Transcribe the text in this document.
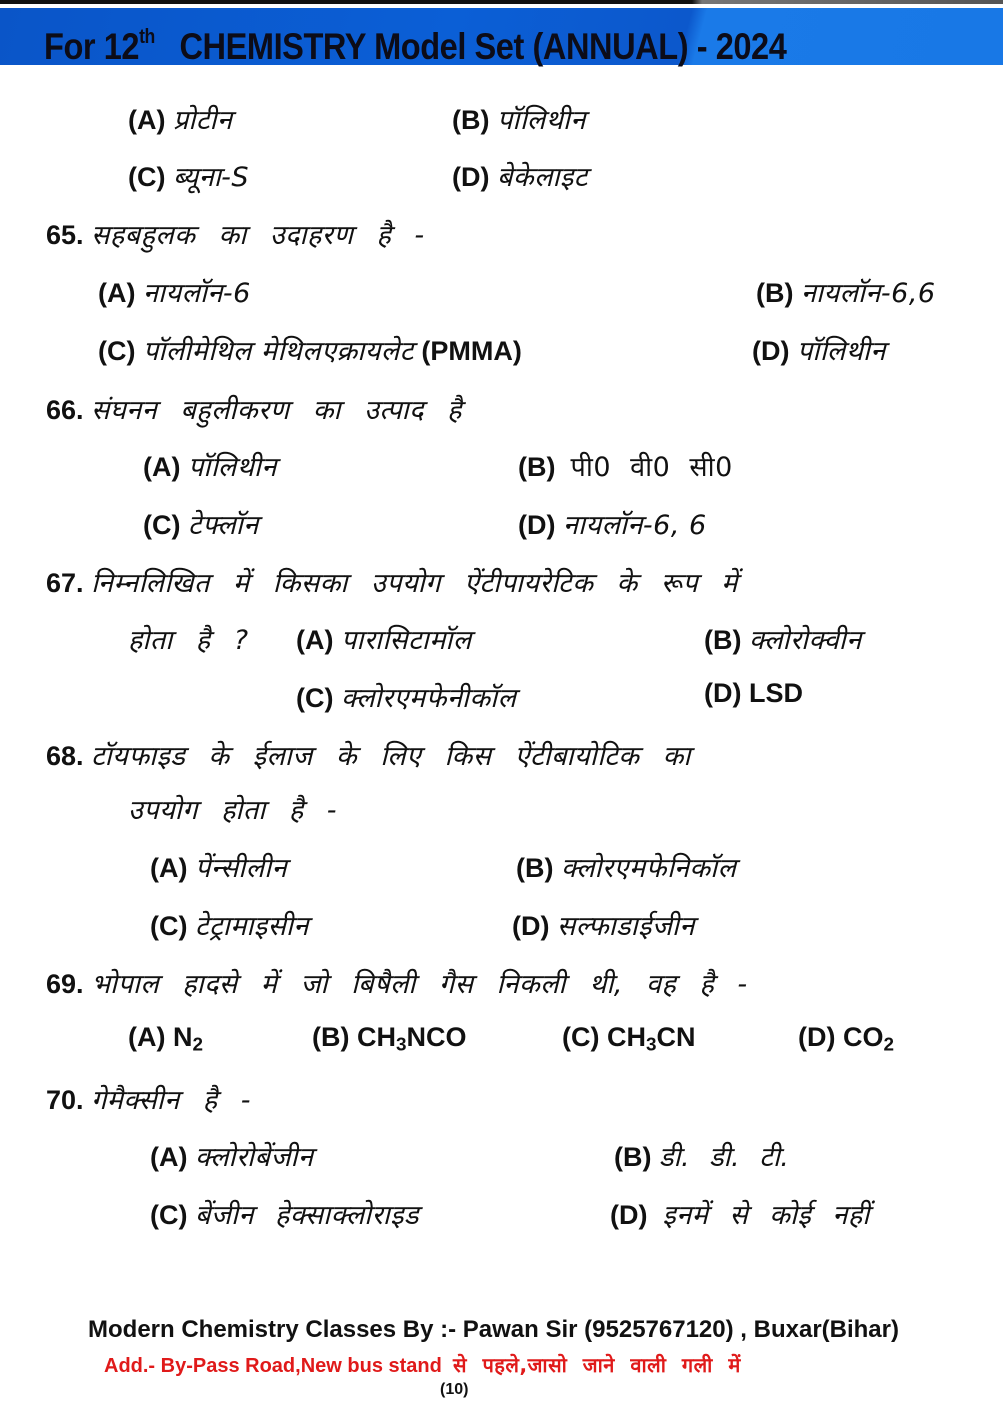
For 12th CHEMISTRY Model Set (ANNUAL) - 2024
(A) प्रोटीन	(B) पॉलिथीन
(C) ब्यूना-S	(D) बेकेलाइट
65. सहबहुलक का उदाहरण है -
(A) नायलॉन-6	(B) नायलॉन-6,6
(C) पॉलीमेथिल मेथिलएक्रायलेट (PMMA)	(D) पॉलिथीन
66. संघनन बहुलीकरण का उत्पाद है
(A) पॉलिथीन	(B) पी0 वी0 सी0
(C) टेफ्लॉन	(D) नायलॉन-6, 6
67. निम्नलिखित में किसका उपयोग ऐंटीपायरेटिक के रूप में
होता है ? (A) पारासिटामॉल	(B) क्लोरोक्वीन
(C) क्लोरएमफेनीकॉल	(D) LSD
68. टॉयफाइड के ईलाज के लिए किस ऐंटीबायोटिक का
उपयोग होता है -
(A) पेंन्सीलीन	(B) क्लोरएमफेनिकॉल
(C) टेट्रामाइसीन	(D) सल्फाडाईजीन
69. भोपाल हादसे में जो बिषैली गैस निकली थी, वह है -
(A) $N_2$	(B) $CH_3NCO$	(C) $CH_3CN$	(D) $CO_2$
70. गेमैक्सीन है -
(A) क्लोरोबेंजीन	(B) डी. डी. टी.
(C) बेंजीन हेक्साक्लोराइड	(D) इनमें से कोई नहीं
Modern Chemistry Classes By :- Pawan Sir (9525767120) , Buxar(Bihar)
Add.- By-Pass Road,New bus stand से पहले,जासो जाने वाली गली में
(10)
